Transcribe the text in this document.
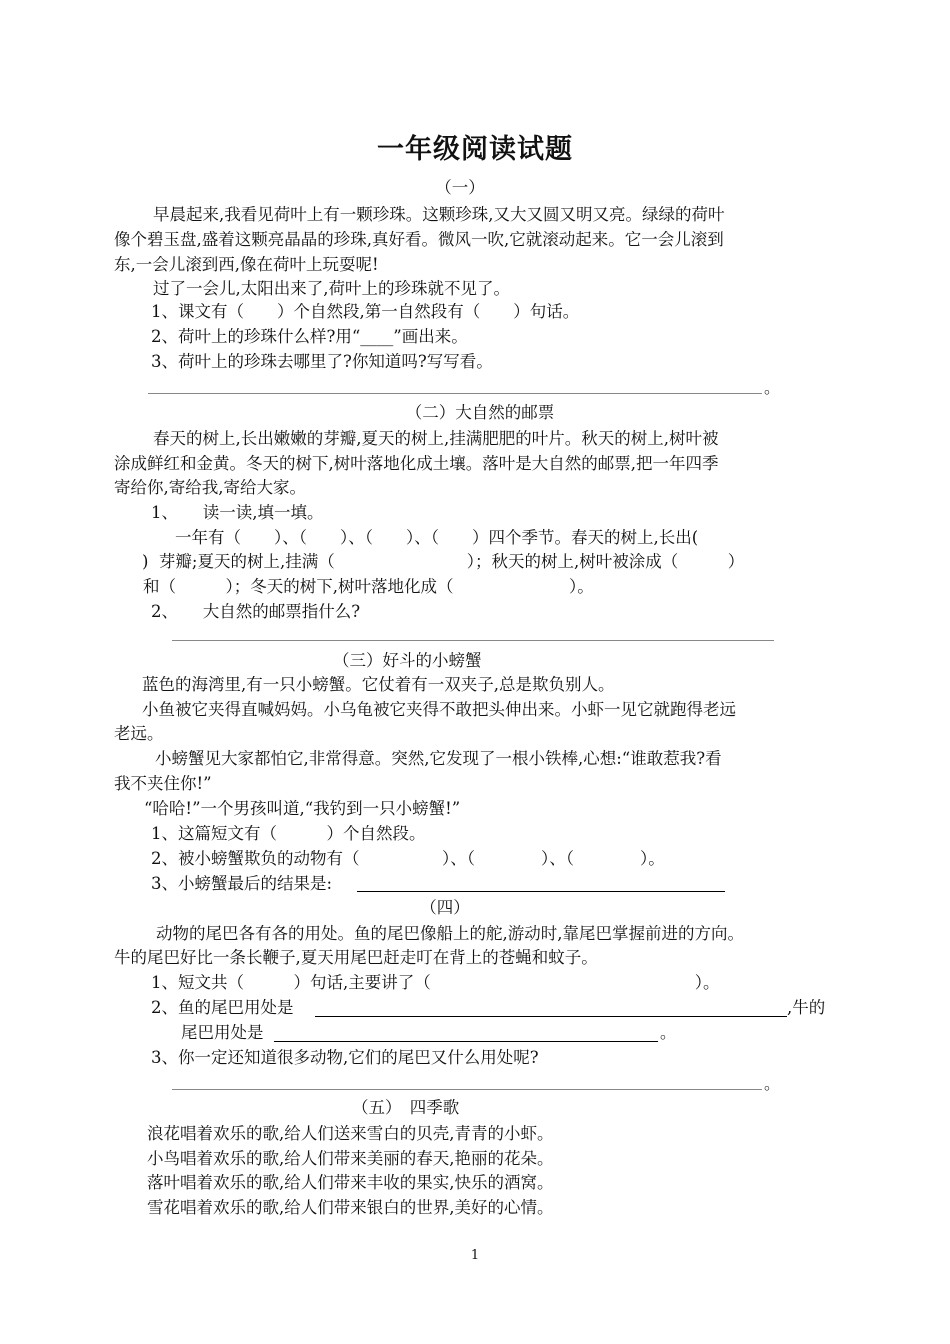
一年级阅读试题
（一）
早晨起来,我看见荷叶上有一颗珍珠。这颗珍珠,又大又圆又明又亮。绿绿的荷叶
像个碧玉盘,盛着这颗亮晶晶的珍珠,真好看。微风一吹,它就滚动起来。它一会儿滚到
东,一会儿滚到西,像在荷叶上玩耍呢!
过了一会儿,太阳出来了,荷叶上的珍珠就不见了。
1、课文有（　　）个自然段,第一自然段有（　　）句话。
2、荷叶上的珍珠什么样?用“____”画出来。
3、荷叶上的珍珠去哪里了?你知道吗?写写看。
。
（二）大自然的邮票
春天的树上,长出嫩嫩的芽瓣,夏天的树上,挂满肥肥的叶片。秋天的树上,树叶被
涂成鲜红和金黄。冬天的树下,树叶落地化成土壤。落叶是大自然的邮票,把一年四季
寄给你,寄给我,寄给大家。
1、　　读一读,填一填。
一年有（　　）、（　　）、（　　）、（　　）四个季节。春天的树上,长出(
)  芽瓣;夏天的树上,挂满（　　　　　　　　）；秋天的树上,树叶被涂成（　　　）
和（　　　）；冬天的树下,树叶落地化成（　　　　　　　）。
2、　　大自然的邮票指什么?
（三）好斗的小螃蟹
蓝色的海湾里,有一只小螃蟹。它仗着有一双夹子,总是欺负别人。
小鱼被它夹得直喊妈妈。小乌龟被它夹得不敢把头伸出来。小虾一见它就跑得老远
老远。
小螃蟹见大家都怕它,非常得意。突然,它发现了一根小铁棒,心想:“谁敢惹我?看
我不夹住你!”
“哈哈!”一个男孩叫道,“我钓到一只小螃蟹!”
1、这篇短文有（　　　）个自然段。
2、被小螃蟹欺负的动物有（　　　　　）、（　　　　）、（　　　　）。
3、小螃蟹最后的结果是:
（四）
动物的尾巴各有各的用处。鱼的尾巴像船上的舵,游动时,靠尾巴掌握前进的方向。
牛的尾巴好比一条长鞭子,夏天用尾巴赶走叮在背上的苍蝇和蚊子。
1、短文共（　　　）句话,主要讲了（　　　　　　　　　　　　　　　　）。
2、鱼的尾巴用处是	,牛的
尾巴用处是	。
3、你一定还知道很多动物,它们的尾巴又什么用处呢?
。
（五）　四季歌
浪花唱着欢乐的歌,给人们送来雪白的贝壳,青青的小虾。
小鸟唱着欢乐的歌,给人们带来美丽的春天,艳丽的花朵。
落叶唱着欢乐的歌,给人们带来丰收的果实,快乐的酒窝。
雪花唱着欢乐的歌,给人们带来银白的世界,美好的心情。
1
